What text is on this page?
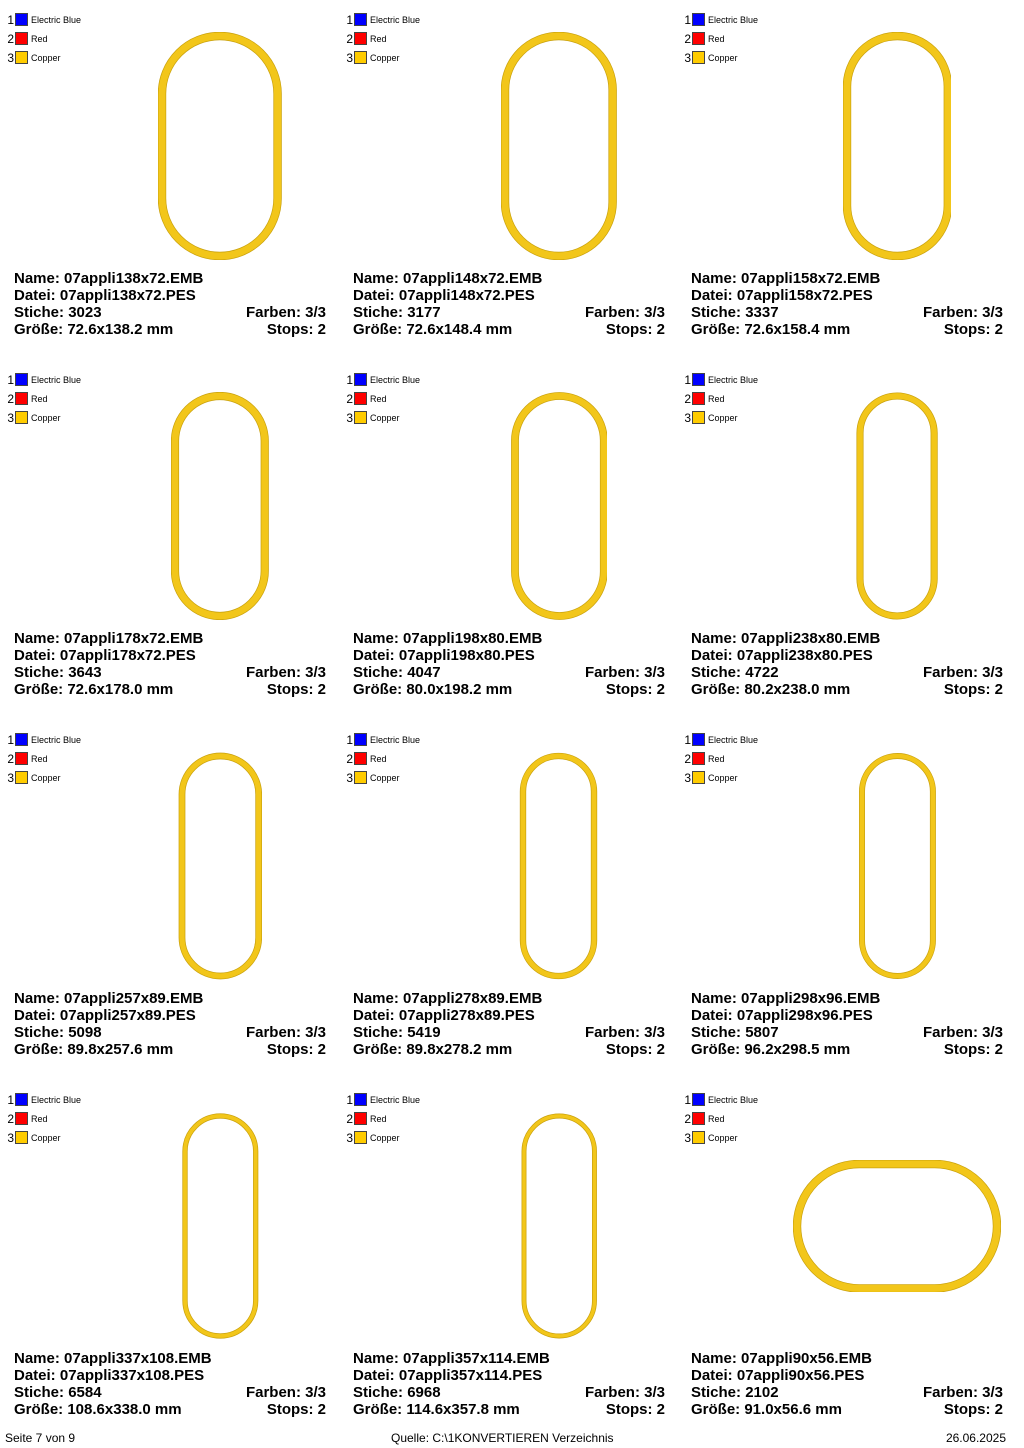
1 Electric Blue
2 Red
3 Copper
Name: 07appli138x72.EMB
Datei: 07appli138x72.PES
Stiche: 3023	Farben: 3/3
Größe: 72.6x138.2 mm	Stops: 2
1 Electric Blue
2 Red
3 Copper
Name: 07appli148x72.EMB
Datei: 07appli148x72.PES
Stiche: 3177	Farben: 3/3
Größe: 72.6x148.4 mm	Stops: 2
1 Electric Blue
2 Red
3 Copper
Name: 07appli158x72.EMB
Datei: 07appli158x72.PES
Stiche: 3337	Farben: 3/3
Größe: 72.6x158.4 mm	Stops: 2
1 Electric Blue
2 Red
3 Copper
Name: 07appli178x72.EMB
Datei: 07appli178x72.PES
Stiche: 3643	Farben: 3/3
Größe: 72.6x178.0 mm	Stops: 2
1 Electric Blue
2 Red
3 Copper
Name: 07appli198x80.EMB
Datei: 07appli198x80.PES
Stiche: 4047	Farben: 3/3
Größe: 80.0x198.2 mm	Stops: 2
1 Electric Blue
2 Red
3 Copper
Name: 07appli238x80.EMB
Datei: 07appli238x80.PES
Stiche: 4722	Farben: 3/3
Größe: 80.2x238.0 mm	Stops: 2
1 Electric Blue
2 Red
3 Copper
Name: 07appli257x89.EMB
Datei: 07appli257x89.PES
Stiche: 5098	Farben: 3/3
Größe: 89.8x257.6 mm	Stops: 2
1 Electric Blue
2 Red
3 Copper
Name: 07appli278x89.EMB
Datei: 07appli278x89.PES
Stiche: 5419	Farben: 3/3
Größe: 89.8x278.2 mm	Stops: 2
1 Electric Blue
2 Red
3 Copper
Name: 07appli298x96.EMB
Datei: 07appli298x96.PES
Stiche: 5807	Farben: 3/3
Größe: 96.2x298.5 mm	Stops: 2
1 Electric Blue
2 Red
3 Copper
Name: 07appli337x108.EMB
Datei: 07appli337x108.PES
Stiche: 6584	Farben: 3/3
Größe: 108.6x338.0 mm	Stops: 2
1 Electric Blue
2 Red
3 Copper
Name: 07appli357x114.EMB
Datei: 07appli357x114.PES
Stiche: 6968	Farben: 3/3
Größe: 114.6x357.8 mm	Stops: 2
1 Electric Blue
2 Red
3 Copper
Name: 07appli90x56.EMB
Datei: 07appli90x56.PES
Stiche: 2102	Farben: 3/3
Größe: 91.0x56.6 mm	Stops: 2
Seite 7 von 9	Quelle: C:\1KONVERTIEREN Verzeichnis	26.06.2025
